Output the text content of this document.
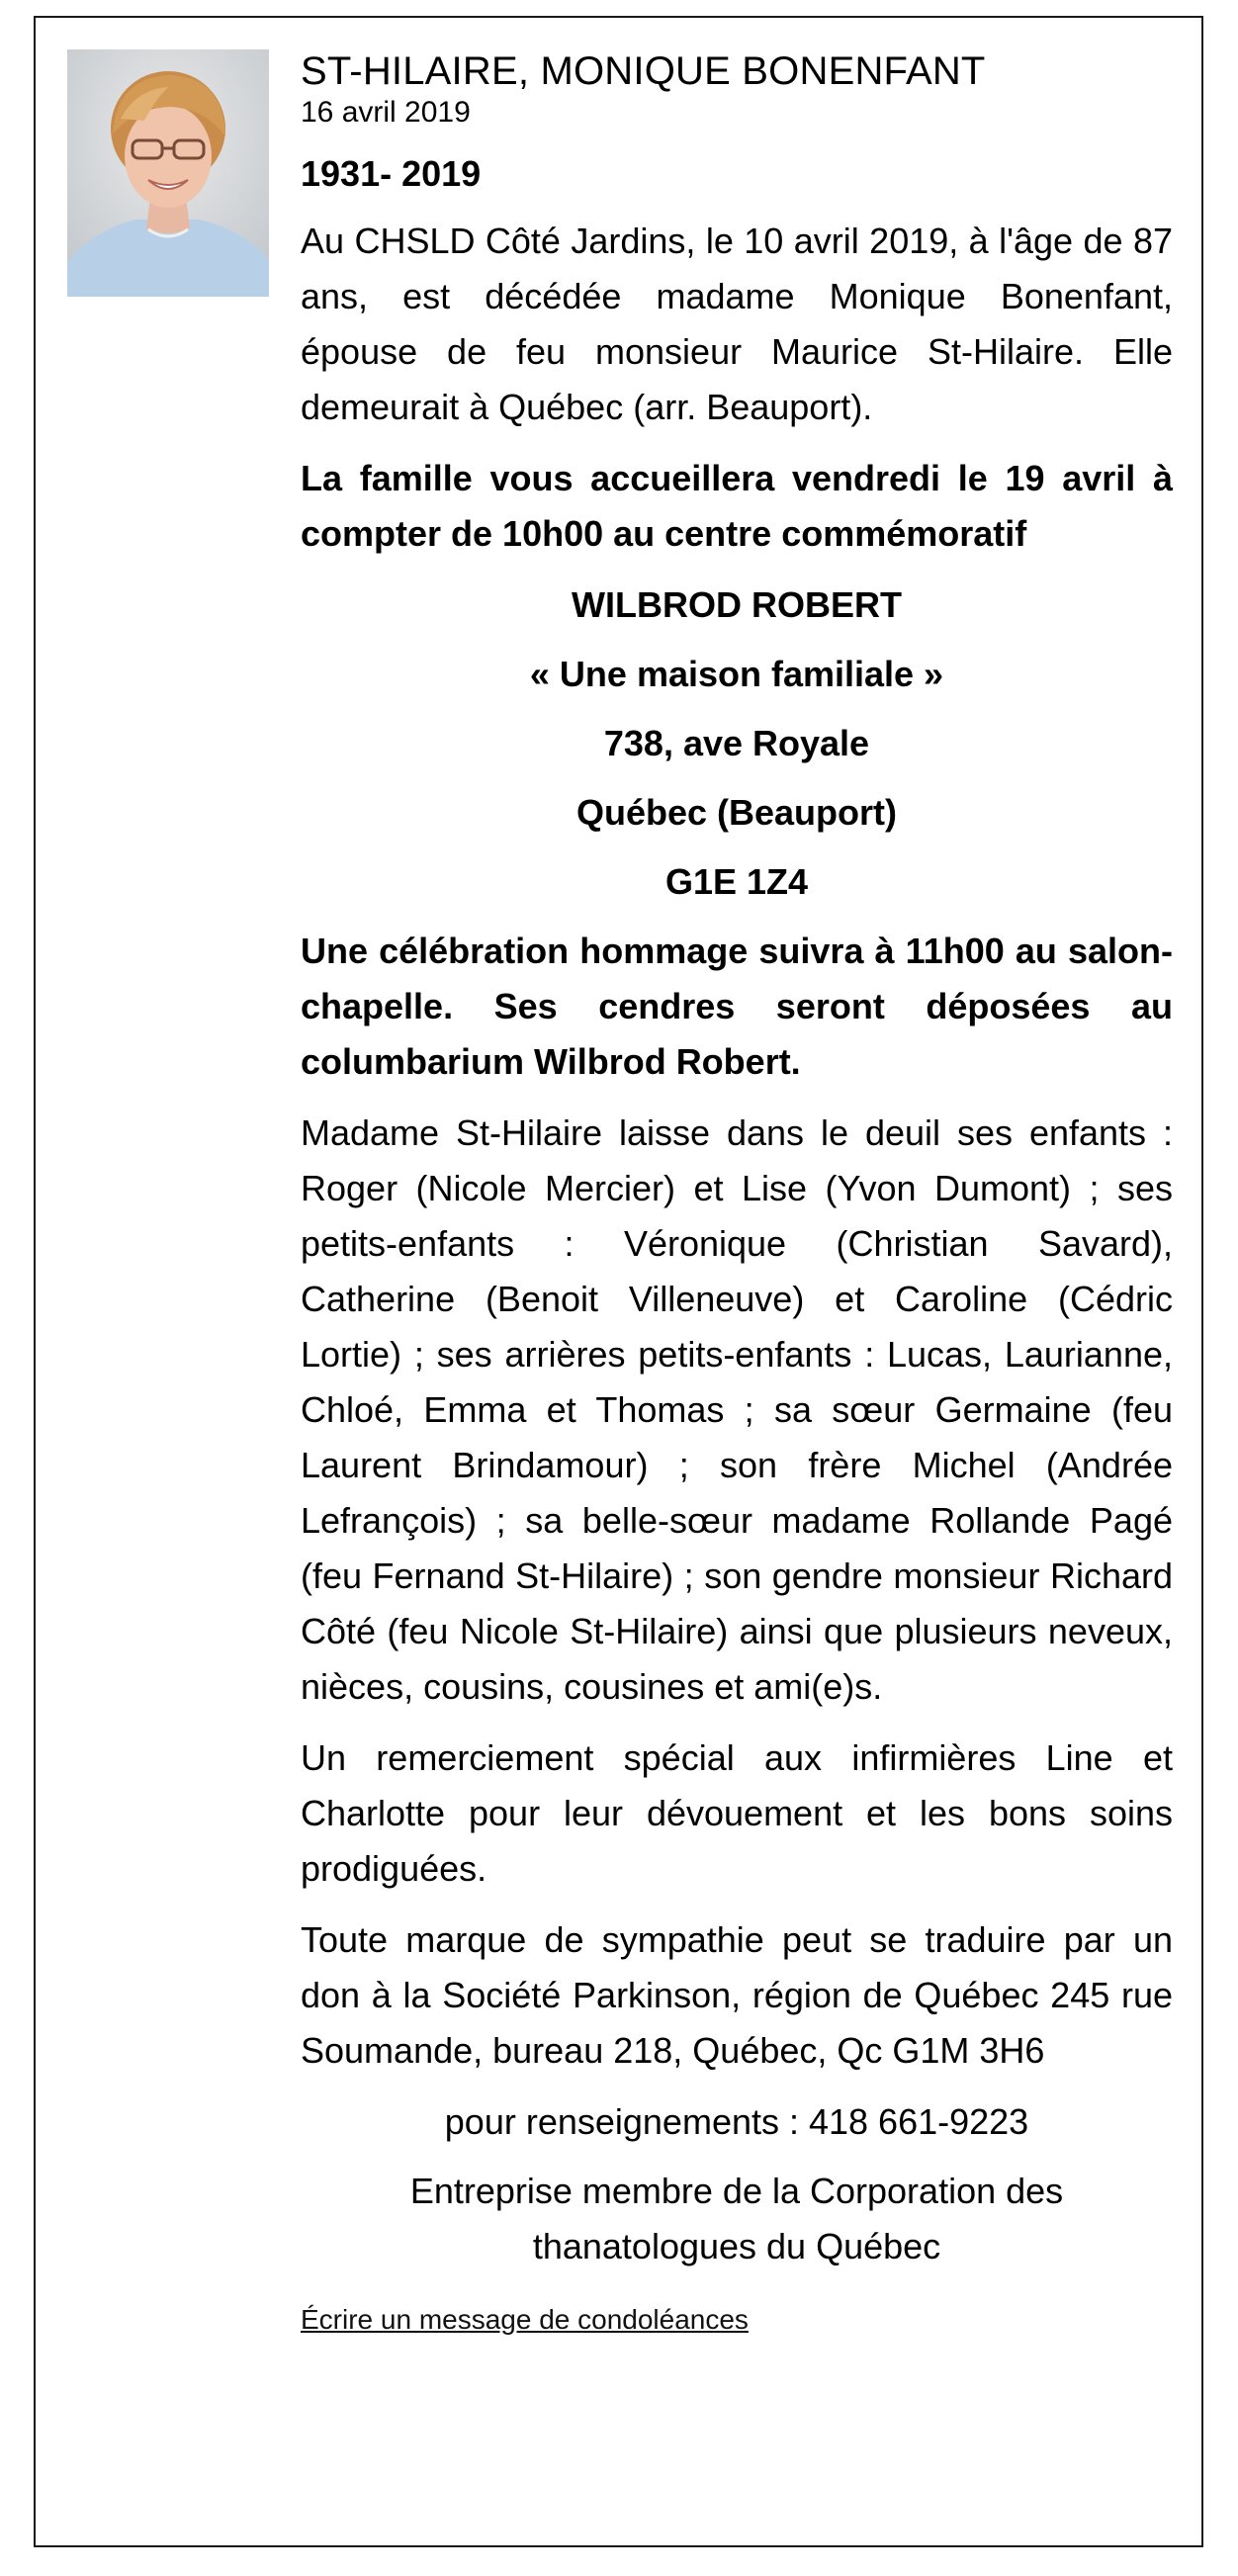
ST-HILAIRE, MONIQUE BONENFANT
16 avril 2019
1931- 2019

Au CHSLD Côté Jardins, le 10 avril 2019, à l'âge de 87 ans, est décédée madame Monique Bonenfant, épouse de feu monsieur Maurice St-Hilaire. Elle demeurait à Québec (arr. Beauport).

La famille vous accueillera vendredi le 19 avril à compter de 10h00 au centre commémoratif

WILBROD ROBERT

« Une maison familiale »

738, ave Royale

Québec (Beauport)

G1E 1Z4

Une célébration hommage suivra à 11h00 au salon-chapelle. Ses cendres seront déposées au columbarium Wilbrod Robert.

Madame St-Hilaire laisse dans le deuil ses enfants : Roger (Nicole Mercier) et Lise (Yvon Dumont) ; ses petits-enfants : Véronique (Christian Savard), Catherine (Benoit Villeneuve) et Caroline (Cédric Lortie) ; ses arrières petits-enfants : Lucas, Laurianne, Chloé, Emma et Thomas ; sa sœur Germaine (feu Laurent Brindamour) ; son frère Michel (Andrée Lefrançois) ; sa belle-sœur madame Rollande Pagé (feu Fernand St-Hilaire) ; son gendre monsieur Richard Côté (feu Nicole St-Hilaire) ainsi que plusieurs neveux, nièces, cousins, cousines et ami(e)s.

Un remerciement spécial aux infirmières Line et Charlotte pour leur dévouement et les bons soins prodiguées.

Toute marque de sympathie peut se traduire par un don à la Société Parkinson, région de Québec 245 rue Soumande, bureau 218, Québec, Qc G1M 3H6

pour renseignements : 418 661-9223

Entreprise membre de la Corporation des thanatologues du Québec

Écrire un message de condoléances
